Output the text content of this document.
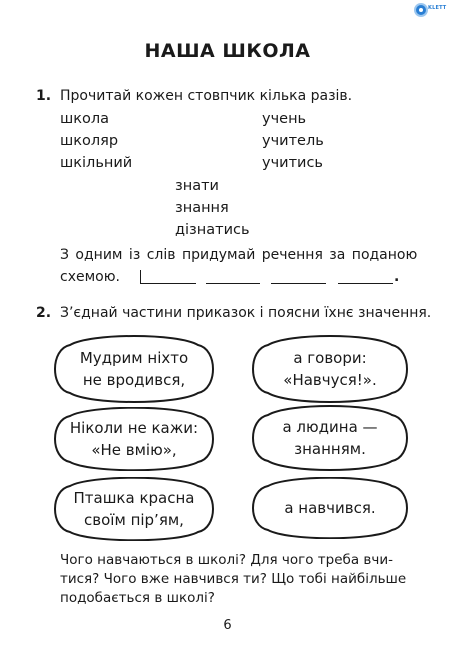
KLETT
НАША ШКОЛА
1. Прочитай кожен стовпчик кілька разів.
школа
школяр
шкільний
учень
учитель
учитись
знати
знання
дізнатись
З одним із слів придумай речення за поданою
схемою.	.
2. З’єднай частини приказок і поясни їхнє значення.
Мудрим ніхто
не вродився,
Ніколи не кажи:
«Не вмію»,
Пташка красна
своїм пір’ям,
а говори:
«Навчуся!».
а людина —
знанням.
а навчився.
Чого навчаються в школі? Для чого треба вчи-
тися? Чого вже навчився ти? Що тобі найбільше
подобається в школі?
6
